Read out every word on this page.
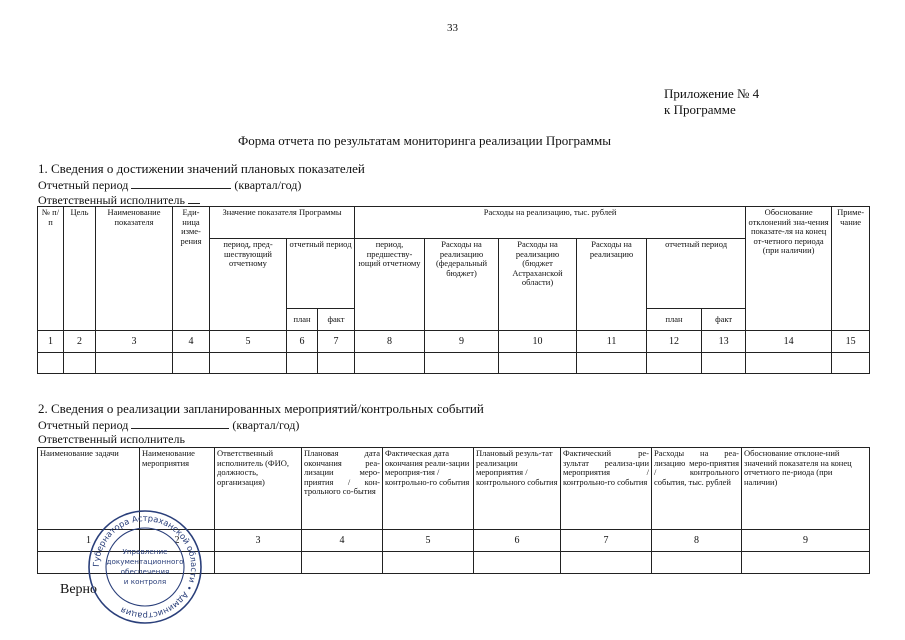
33
Приложение № 4
к Программе
Форма отчета по результатам мониторинга реализации Программы
1. Сведения о достижении значений плановых показателей
Отчетный период	(квартал/год)
Ответственный исполнитель
№ п/п	Цель	Наименование показателя	Еди-ница изме-рения	Значение показателя Программы			Расходы на реализацию, тыс. рублей						Обоснование отклонений зна-чения показате-ля на конец от-четного периода (при наличии)	Приме-чание
				период, пред-шествующий отчетному	отчетный период		период, предшеству-ющий отчетному	Расходы на реализацию (федеральный бюджет)	Расходы на реализацию (бюджет Астраханской области)	Расходы на реализацию	отчетный период			
					план	факт					план	факт		
1	2	3	4	5	6	7	8	9	10	11	12	13	14	15

2. Сведения о реализации запланированных мероприятий/контрольных событий
Отчетный период	(квартал/год)
Ответственный исполнитель
Наименование задачи	Наименование мероприятия	Ответственный исполнитель (ФИО, должность, организация)	Плановая дата окончания реа-лизации меро-приятия / кон-трольного со-бытия	Фактическая дата окончания реали-зации мероприя-тия / контрольно-го события	Плановый резуль-тат реализации мероприятия / контрольного события	Фактический ре-зультат реализа-ции мероприятия / контрольно-го события	Расходы на реа-лизацию меро-приятия / контрольного события, тыс. рублей	Обоснование отклоне-ний значений показателя на конец отчетного пе-риода (при наличии)
1	2	3	4	5	6	7	8	9

Верно
Губернатора Астраханской области • Администрация
Управление
документационного
обеспечения
и контроля
